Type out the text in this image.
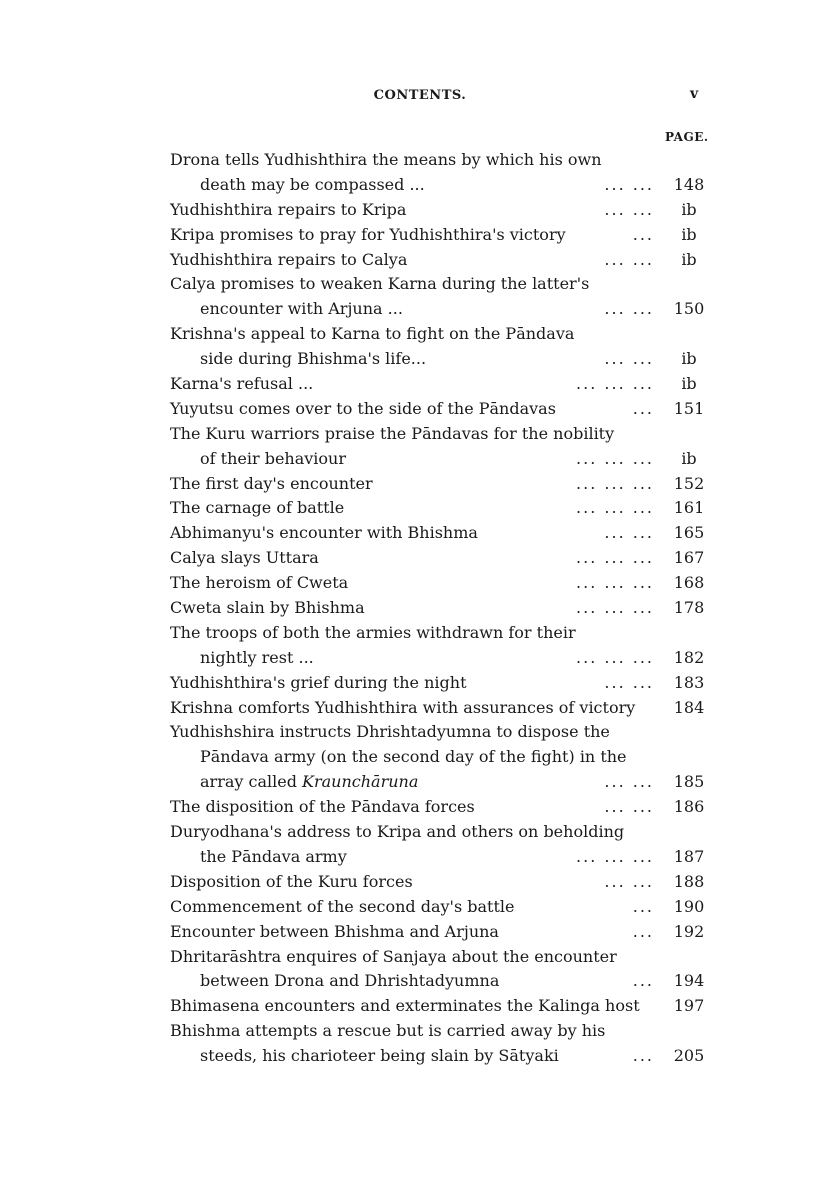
CONTENTS.	v
PAGE.
Drona tells Yudhishthira the means by which his own
death may be compassed ...	... ...	148
Yudhishthira repairs to Kripa	... ...	ib
Kripa promises to pray for Yudhishthira's victory	...	ib
Yudhishthira repairs to Calya	... ...	ib
Calya promises to weaken Karna during the latter's
encounter with Arjuna ...	... ...	150
Krishna's appeal to Karna to fight on the Pāndava
side during Bhishma's life...	... ...	ib
Karna's refusal ...	... ... ...	ib
Yuyutsu comes over to the side of the Pāndavas	...	151
The Kuru warriors praise the Pāndavas for the nobility
of their behaviour	... ... ...	ib
The first day's encounter	... ... ...	152
The carnage of battle	... ... ...	161
Abhimanyu's encounter with Bhishma	... ...	165
Calya slays Uttara	... ... ...	167
The heroism of Cweta	... ... ...	168
Cweta slain by Bhishma	... ... ...	178
The troops of both the armies withdrawn for their
nightly rest ...	... ... ...	182
Yudhishthira's grief during the night	... ...	183
Krishna comforts Yudhishthira with assurances of victory	184
Yudhishshira instructs Dhrishtadyumna to dispose the
Pāndava army (on the second day of the fight) in the
array called Kraunchāruna	... ...	185
The disposition of the Pāndava forces	... ...	186
Duryodhana's address to Kripa and others on beholding
the Pāndava army	... ... ...	187
Disposition of the Kuru forces	... ...	188
Commencement of the second day's battle	...	190
Encounter between Bhishma and Arjuna	...	192
Dhritarāshtra enquires of Sanjaya about the encounter
between Drona and Dhrishtadyumna	...	194
Bhimasena encounters and exterminates the Kalinga host	197
Bhishma attempts a rescue but is carried away by his
steeds, his charioteer being slain by Sātyaki	...	205
